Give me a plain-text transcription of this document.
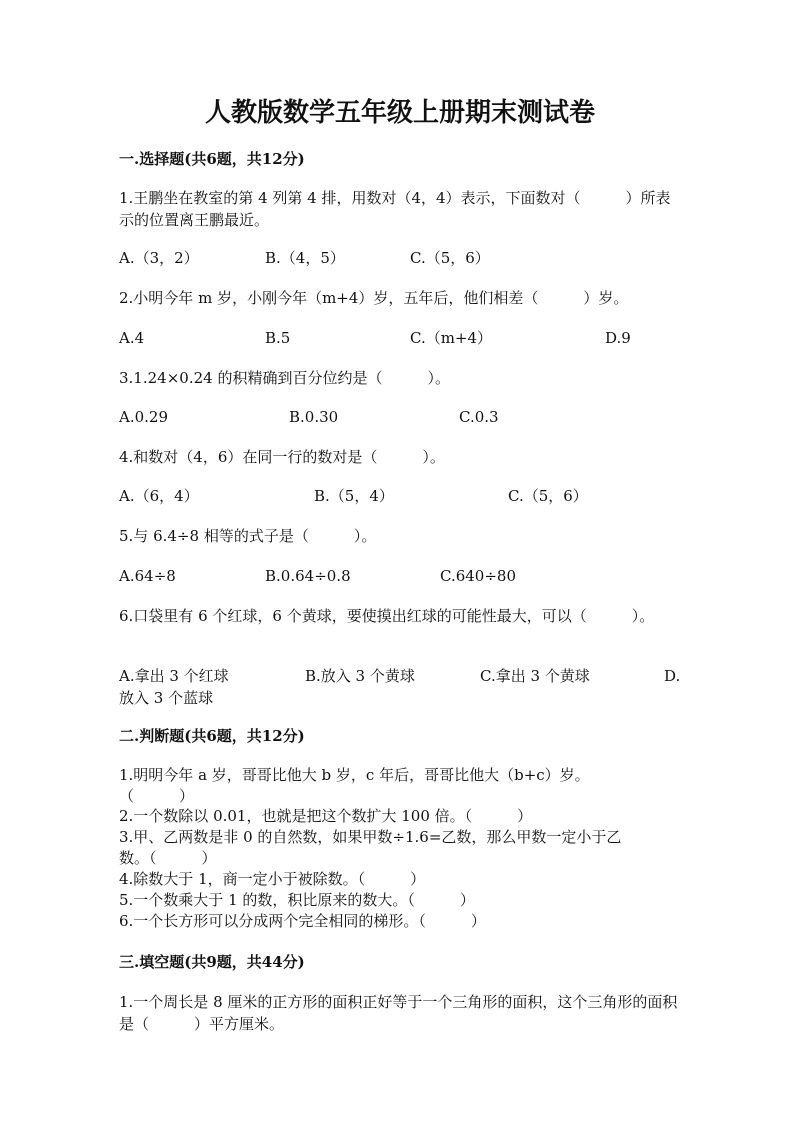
人教版数学五年级上册期末测试卷
一.选择题(共6题，共12分)
1.王鹏坐在教室的第 4 列第 4 排，用数对（4，4）表示，下面数对（　　　）所表示的位置离王鹏最近。
A.（3，2）	B.（4，5）	C.（5，6）
2.小明今年 m 岁，小刚今年（m+4）岁，五年后，他们相差（　　　）岁。
A.4	B.5	C.（m+4）	D.9
3.1.24×0.24 的积精确到百分位约是（　　　）。
A.0.29	B.0.30	C.0.3
4.和数对（4，6）在同一行的数对是（　　　）。
A.（6，4）	B.（5，4）	C.（5，6）
5.与 6.4÷8 相等的式子是（　　　）。
A.64÷8	B.0.64÷0.8	C.640÷80
6.口袋里有 6 个红球，6 个黄球，要使摸出红球的可能性最大，可以（　　　）。
A.拿出 3 个红球	B.放入 3 个黄球	C.拿出 3 个黄球	D.
放入 3 个蓝球
二.判断题(共6题，共12分)
1.明明今年 a 岁，哥哥比他大 b 岁，c 年后，哥哥比他大（b+c）岁。
（　　　）
2.一个数除以 0.01，也就是把这个数扩大 100 倍。（　　　）
3.甲、乙两数是非 0 的自然数，如果甲数÷1.6=乙数，那么甲数一定小于乙
数。（　　　）
4.除数大于 1，商一定小于被除数。（　　　）
5.一个数乘大于 1 的数，积比原来的数大。（　　　）
6.一个长方形可以分成两个完全相同的梯形。（　　　）
三.填空题(共9题，共44分)
1.一个周长是 8 厘米的正方形的面积正好等于一个三角形的面积，这个三角形的面积是（　　　）平方厘米。
